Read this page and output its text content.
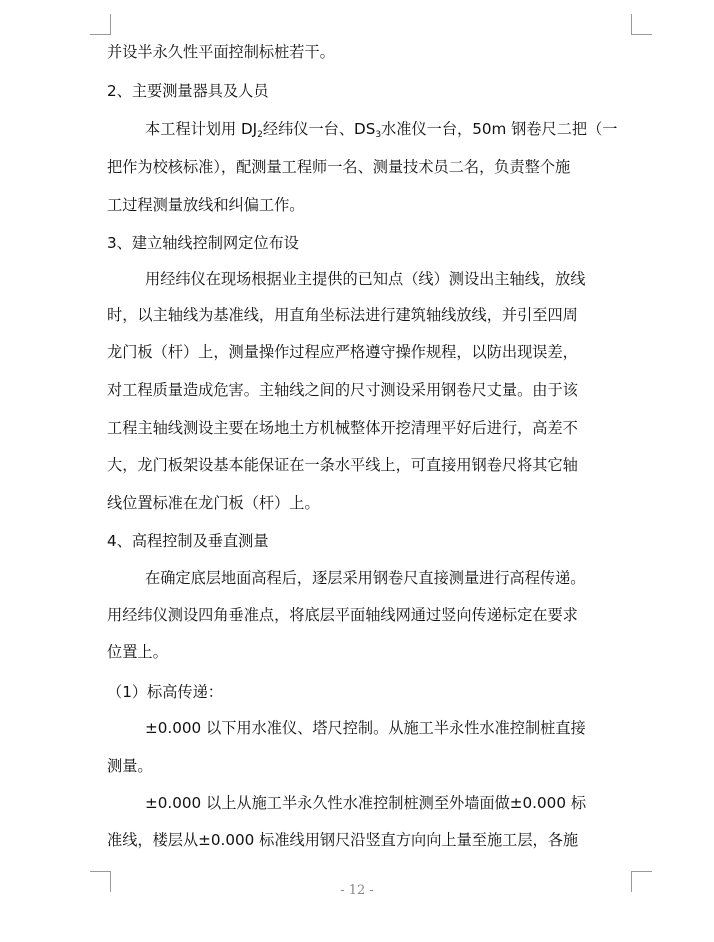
并设半永久性平面控制标桩若干。
2、主要测量器具及人员
本工程计划用 $DJ_2$经纬仪一台、$DS_3$水准仪一台，50m 钢卷尺二把（一
把作为校核标准），配测量工程师一名、测量技术员二名，负责整个施
工过程测量放线和纠偏工作。
3、建立轴线控制网定位布设
用经纬仪在现场根据业主提供的已知点（线）测设出主轴线，放线
时，以主轴线为基准线，用直角坐标法进行建筑轴线放线，并引至四周
龙门板（杆）上，测量操作过程应严格遵守操作规程，以防出现误差，
对工程质量造成危害。主轴线之间的尺寸测设采用钢卷尺丈量。由于该
工程主轴线测设主要在场地土方机械整体开挖清理平好后进行，高差不
大，龙门板架设基本能保证在一条水平线上，可直接用钢卷尺将其它轴
线位置标准在龙门板（杆）上。
4、高程控制及垂直测量
在确定底层地面高程后，逐层采用钢卷尺直接测量进行高程传递。
用经纬仪测设四角垂准点，将底层平面轴线网通过竖向传递标定在要求
位置上。
（1）标高传递：
±0.000 以下用水准仪、塔尺控制。从施工半永性水准控制桩直接
测量。
±0.000 以上从施工半永久性水准控制桩测至外墙面做±0.000 标
准线，楼层从±0.000 标准线用钢尺沿竖直方向向上量至施工层，各施
- 12 -
